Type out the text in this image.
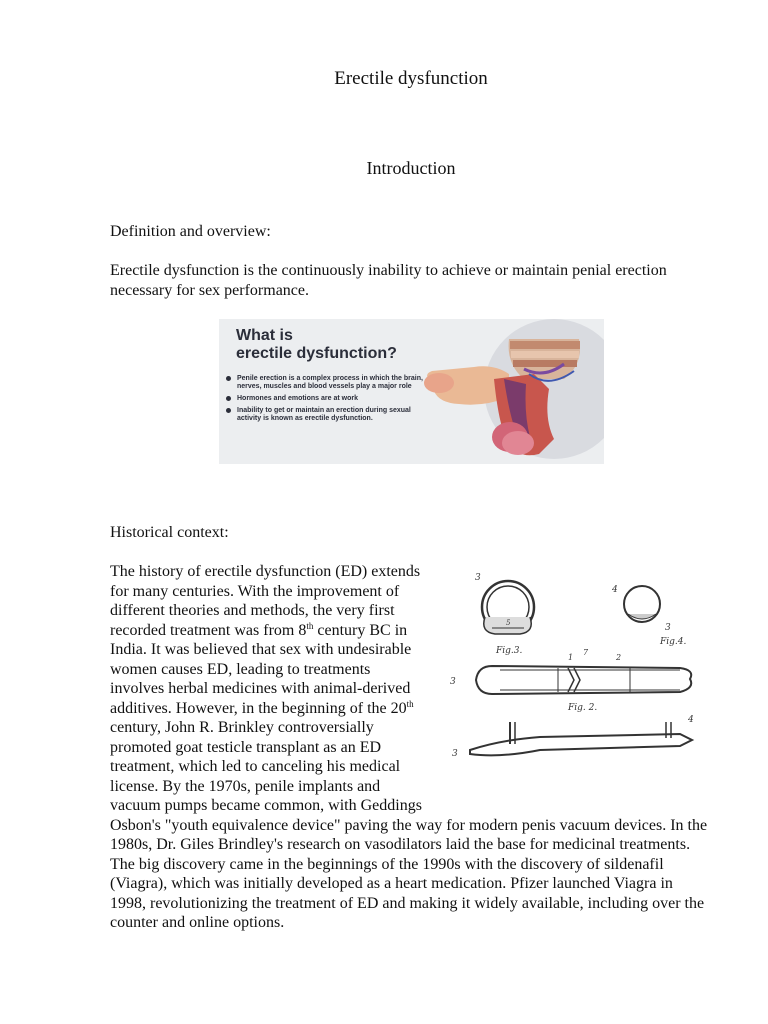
Erectile dysfunction
Introduction
Definition and overview:
Erectile dysfunction is the continuously inability to achieve or maintain penial erection necessary for sex performance.
What is
erectile dysfunction?
Penile erection is a complex process in which the brain, nerves, muscles and blood vessels play a major role
Hormones and emotions are at work
Inability to get or maintain an erection during sexual activity is known as erectile dysfunction.
Historical context:
3
5
Fig.3.
4
3
Fig.4.
3
1
7
2
Fig. 2.
3
4
The history of erectile dysfunction (ED) extends for many centuries. With the improvement of different theories and methods, the very first recorded treatment was from 8th century BC in India. It was believed that sex with undesirable women causes ED, leading to treatments involves herbal medicines with animal-derived additives. However, in the beginning of the 20th century, John R. Brinkley controversially promoted goat testicle transplant as an ED treatment, which led to canceling his medical license. By the 1970s, penile implants and vacuum pumps became common, with Geddings Osbon's "youth equivalence device" paving the way for modern penis vacuum devices. In the 1980s, Dr. Giles Brindley's research on vasodilators laid the base for medicinal treatments. The big discovery came in the beginnings of the 1990s with the discovery of sildenafil (Viagra), which was initially developed as a heart medication. Pfizer launched Viagra in 1998, revolutionizing the treatment of ED and making it widely available, including over the counter and online options.
